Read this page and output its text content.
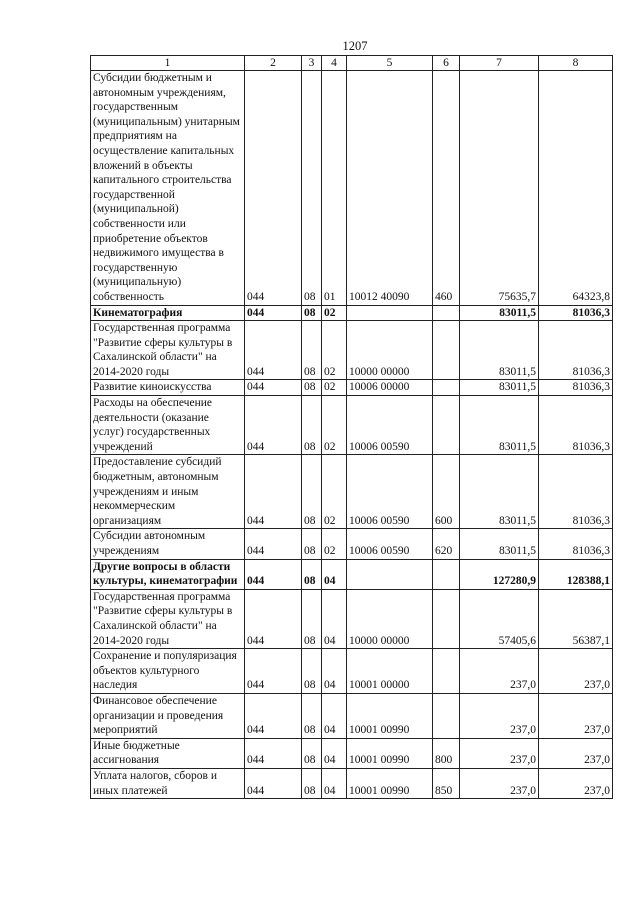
1207
1	2	3	4	5	6	7	8
Субсидии бюджетным и автономным учреждениям, государственным (муниципальным) унитарным предприятиям на осуществление капитальных вложений в объекты капитального строительства государственной (муниципальной) собственности или приобретение объектов недвижимого имущества в государственную (муниципальную) собственность	044	08	01	10012 40090	460	75635,7	64323,8
Кинематография	044	08	02			83011,5	81036,3
Государственная программа "Развитие сферы культуры в Сахалинской области" на 2014-2020 годы	044	08	02	10000 00000		83011,5	81036,3
Развитие киноискусства	044	08	02	10006 00000		83011,5	81036,3
Расходы на обеспечение деятельности (оказание услуг) государственных учреждений	044	08	02	10006 00590		83011,5	81036,3
Предоставление субсидий бюджетным, автономным учреждениям и иным некоммерческим организациям	044	08	02	10006 00590	600	83011,5	81036,3
Субсидии автономным учреждениям	044	08	02	10006 00590	620	83011,5	81036,3
Другие вопросы в области культуры, кинематографии	044	08	04			127280,9	128388,1
Государственная программа "Развитие сферы культуры в Сахалинской области" на 2014-2020 годы	044	08	04	10000 00000		57405,6	56387,1
Сохранение и популяризация объектов культурного наследия	044	08	04	10001 00000		237,0	237,0
Финансовое обеспечение организации и проведения мероприятий	044	08	04	10001 00990		237,0	237,0
Иные бюджетные ассигнования	044	08	04	10001 00990	800	237,0	237,0
Уплата налогов, сборов и иных платежей	044	08	04	10001 00990	850	237,0	237,0
